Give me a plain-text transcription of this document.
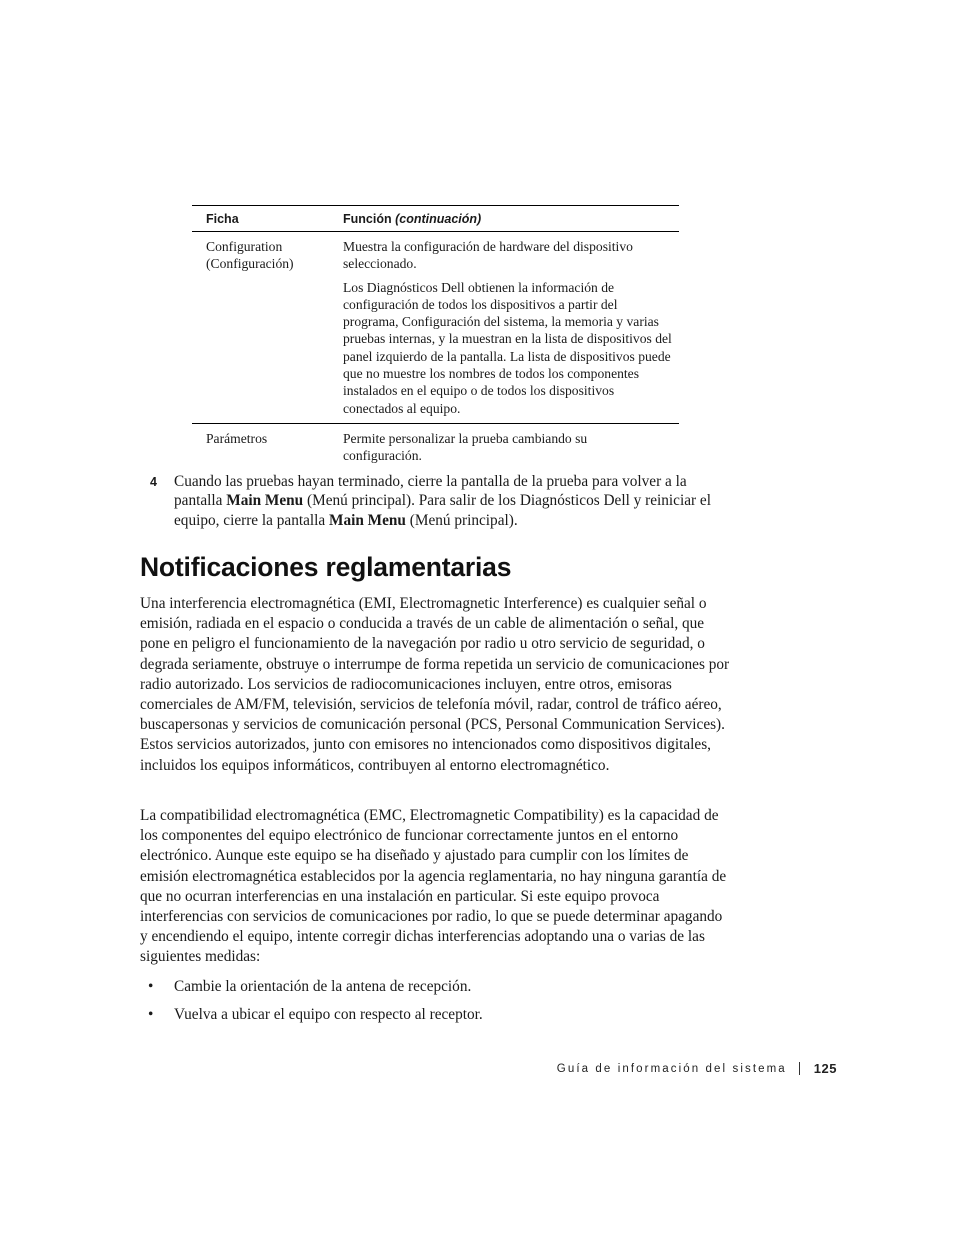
Ficha	Función (continuación)
Configuration (Configuración)

Muestra la configuración de hardware del dispositivo seleccionado.

Los Diagnósticos Dell obtienen la información de configuración de todos los dispositivos a partir del programa, Configuración del sistema, la memoria y varias pruebas internas, y la muestran en la lista de dispositivos del panel izquierdo de la pantalla. La lista de dispositivos puede que no muestre los nombres de todos los componentes instalados en el equipo o de todos los dispositivos conectados al equipo.

Parámetros	Permite personalizar la prueba cambiando su configuración.

4 Cuando las pruebas hayan terminado, cierre la pantalla de la prueba para volver a la pantalla Main Menu (Menú principal). Para salir de los Diagnósticos Dell y reiniciar el equipo, cierre la pantalla Main Menu (Menú principal).
Notificaciones reglamentarias

Una interferencia electromagnética (EMI, Electromagnetic Interference) es cualquier señal o emisión, radiada en el espacio o conducida a través de un cable de alimentación o señal, que pone en peligro el funcionamiento de la navegación por radio u otro servicio de seguridad, o degrada seriamente, obstruye o interrumpe de forma repetida un servicio de comunicaciones por radio autorizado. Los servicios de radiocomunicaciones incluyen, entre otros, emisoras comerciales de AM/FM, televisión, servicios de telefonía móvil, radar, control de tráfico aéreo, buscapersonas y servicios de comunicación personal (PCS, Personal Communication Services). Estos servicios autorizados, junto con emisores no intencionados como dispositivos digitales, incluidos los equipos informáticos, contribuyen al entorno electromagnético.

La compatibilidad electromagnética (EMC, Electromagnetic Compatibility) es la capacidad de los componentes del equipo electrónico de funcionar correctamente juntos en el entorno electrónico. Aunque este equipo se ha diseñado y ajustado para cumplir con los límites de emisión electromagnética establecidos por la agencia reglamentaria, no hay ninguna garantía de que no ocurran interferencias en una instalación en particular. Si este equipo provoca interferencias con servicios de comunicaciones por radio, lo que se puede determinar apagando y encendiendo el equipo, intente corregir dichas interferencias adoptando una o varias de las siguientes medidas:

• Cambie la orientación de la antena de recepción.
• Vuelva a ubicar el equipo con respecto al receptor.
Guía de información del sistema 125
